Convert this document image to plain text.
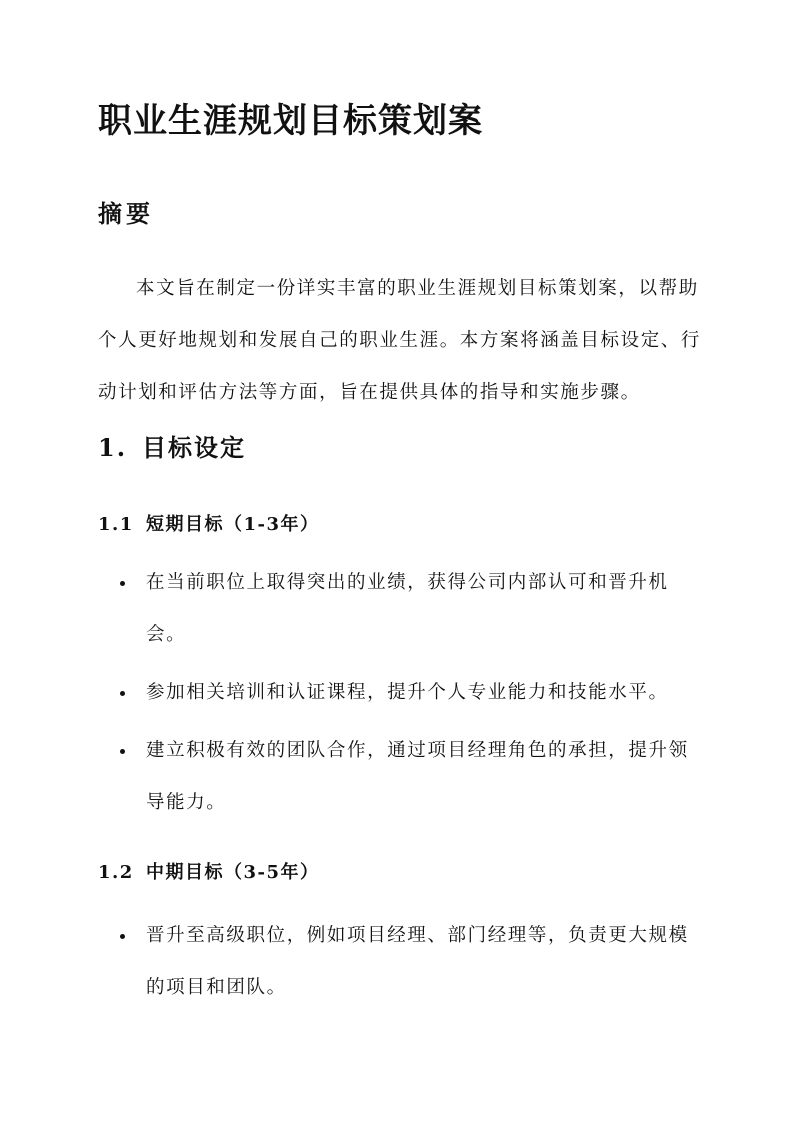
职业生涯规划目标策划案
摘要

本文旨在制定一份详实丰富的职业生涯规划目标策划案，以帮助个人更好地规划和发展自己的职业生涯。本方案将涵盖目标设定、行动计划和评估方法等方面，旨在提供具体的指导和实施步骤。

1. 目标设定
1.1 短期目标（1-3年）
在当前职位上取得突出的业绩，获得公司内部认可和晋升机会。
参加相关培训和认证课程，提升个人专业能力和技能水平。
建立积极有效的团队合作，通过项目经理角色的承担，提升领导能力。
1.2 中期目标（3-5年）
晋升至高级职位，例如项目经理、部门经理等，负责更大规模的项目和团队。
